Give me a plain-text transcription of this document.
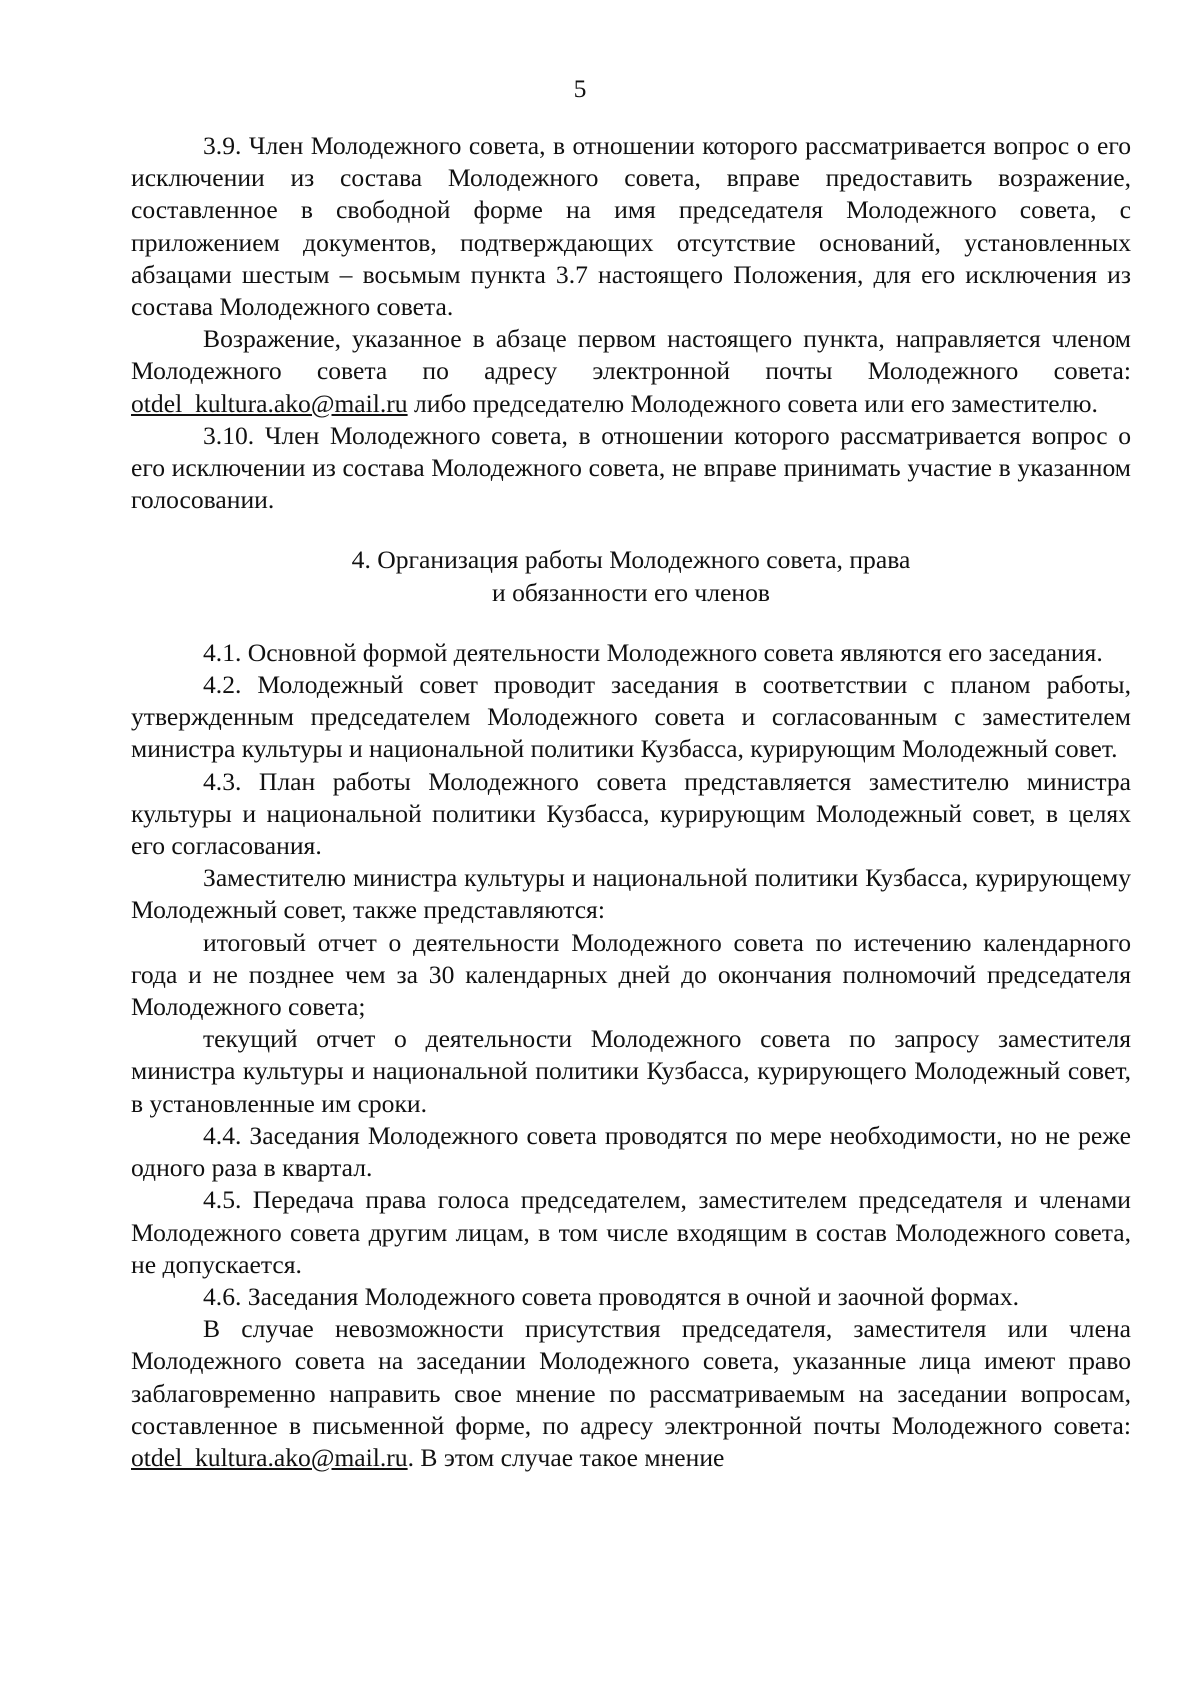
5

3.9. Член Молодежного совета, в отношении которого рассматривается вопрос о его исключении из состава Молодежного совета, вправе предоставить возражение, составленное в свободной форме на имя председателя Молодежного совета, с приложением документов, подтверждающих отсутствие оснований, установленных абзацами шестым – восьмым пункта 3.7 настоящего Положения, для его исключения из состава Молодежного совета.

Возражение, указанное в абзаце первом настоящего пункта, направляется членом Молодежного совета по адресу электронной почты Молодежного совета: otdel_kultura.ako@mail.ru либо председателю Молодежного совета или его заместителю.

3.10. Член Молодежного совета, в отношении которого рассматривается вопрос о его исключении из состава Молодежного совета, не вправе принимать участие в указанном голосовании.

4. Организация работы Молодежного совета, права
и обязанности его членов

4.1. Основной формой деятельности Молодежного совета являются его заседания.

4.2. Молодежный совет проводит заседания в соответствии с планом работы, утвержденным председателем Молодежного совета и согласованным с заместителем министра культуры и национальной политики Кузбасса, курирующим Молодежный совет.

4.3. План работы Молодежного совета представляется заместителю министра культуры и национальной политики Кузбасса, курирующим Молодежный совет, в целях его согласования.

Заместителю министра культуры и национальной политики Кузбасса, курирующему Молодежный совет, также представляются:

итоговый отчет о деятельности Молодежного совета по истечению календарного года и не позднее чем за 30 календарных дней до окончания полномочий председателя Молодежного совета;

текущий отчет о деятельности Молодежного совета по запросу заместителя министра культуры и национальной политики Кузбасса, курирующего Молодежный совет, в установленные им сроки.

4.4. Заседания Молодежного совета проводятся по мере необходимости, но не реже одного раза в квартал.

4.5. Передача права голоса председателем, заместителем председателя и членами Молодежного совета другим лицам, в том числе входящим в состав Молодежного совета, не допускается.

4.6. Заседания Молодежного совета проводятся в очной и заочной формах.

В случае невозможности присутствия председателя, заместителя или члена Молодежного совета на заседании Молодежного совета, указанные лица имеют право заблаговременно направить свое мнение по рассматриваемым на заседании вопросам, составленное в письменной форме, по адресу электронной почты Молодежного совета: otdel_kultura.ako@mail.ru. В этом случае такое мнение
